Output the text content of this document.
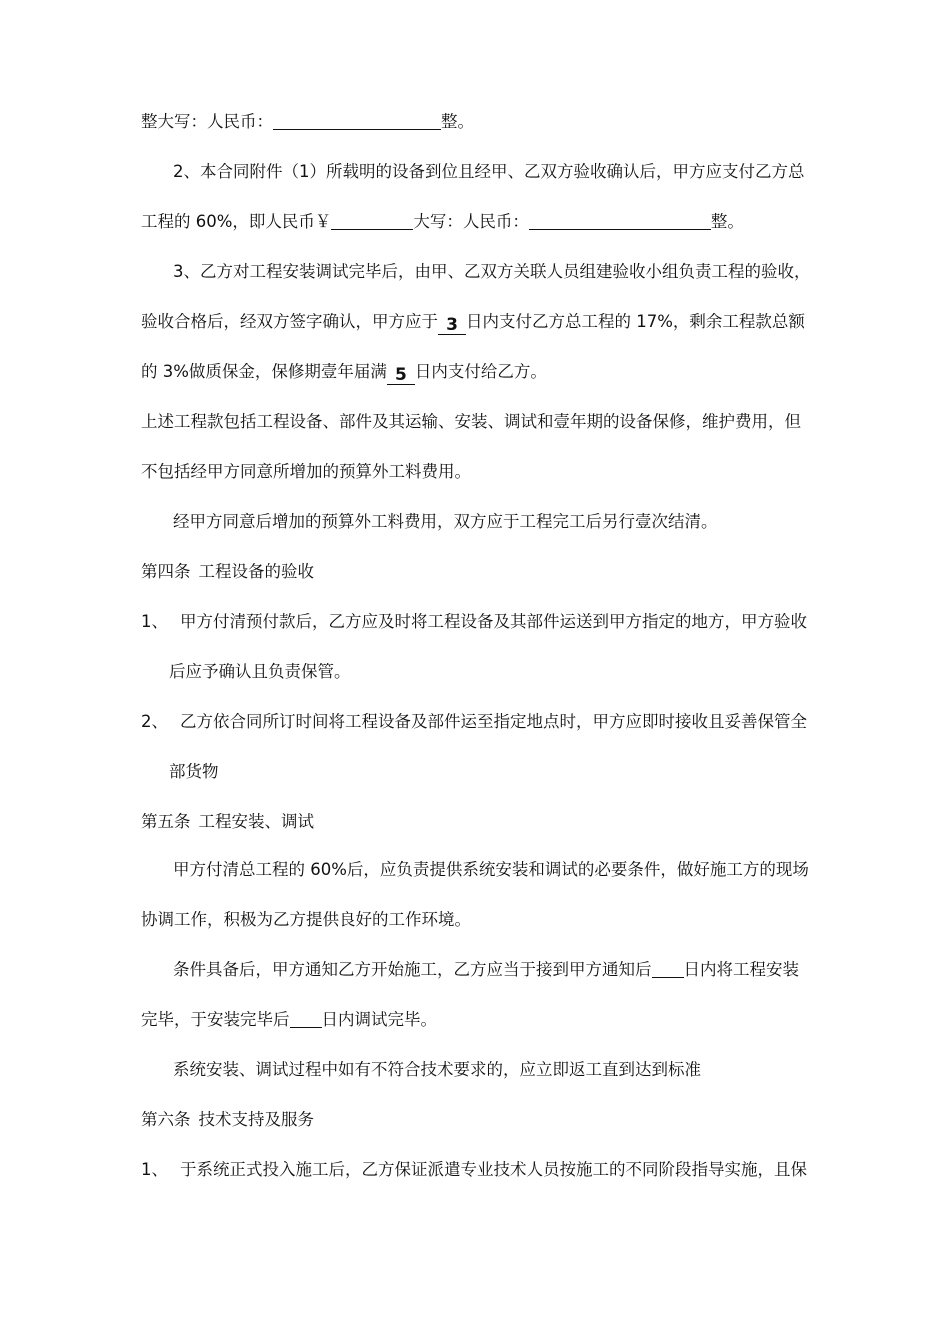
整大写：人民币：	整。
2、本合同附件（1）所载明的设备到位且经甲、乙双方验收确认后，甲方应支付乙方总
工程的 60%，即人民币￥	大写：人民币：	整。
3、乙方对工程安装调试完毕后，由甲、乙双方关联人员组建验收小组负责工程的验收，
验收合格后，经双方签字确认，甲方应于 3 日内支付乙方总工程的 17%，剩余工程款总额
的 3%做质保金，保修期壹年届满 5 日内支付给乙方。
上述工程款包括工程设备、部件及其运输、安装、调试和壹年期的设备保修，维护费用，但
不包括经甲方同意所增加的预算外工料费用。
经甲方同意后增加的预算外工料费用，双方应于工程完工后另行壹次结清。
第四条 工程设备的验收
1、 甲方付清预付款后，乙方应及时将工程设备及其部件运送到甲方指定的地方，甲方验收
后应予确认且负责保管。
2、 乙方依合同所订时间将工程设备及部件运至指定地点时，甲方应即时接收且妥善保管全
部货物
第五条 工程安装、调试
甲方付清总工程的 60%后，应负责提供系统安装和调试的必要条件，做好施工方的现场
协调工作，积极为乙方提供良好的工作环境。
条件具备后，甲方通知乙方开始施工，乙方应当于接到甲方通知后 日内将工程安装
完毕，于安装完毕后 日内调试完毕。
系统安装、调试过程中如有不符合技术要求的，应立即返工直到达到标准
第六条 技术支持及服务
1、 于系统正式投入施工后，乙方保证派遣专业技术人员按施工的不同阶段指导实施，且保
